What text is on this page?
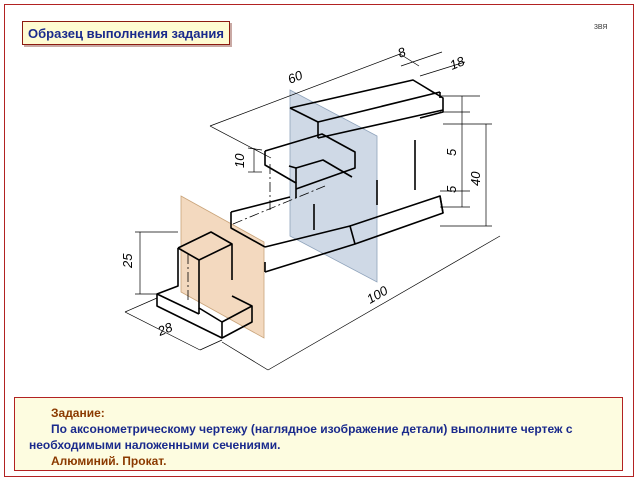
Образец выполнения задания	3ВЯ
60
8
18
10
5
5
40
25
28
100
Задание:
По аксонометрическому чертежу (наглядное изображение детали) выполните чертеж с
необходимыми наложенными сечениями.
Алюминий. Прокат.
